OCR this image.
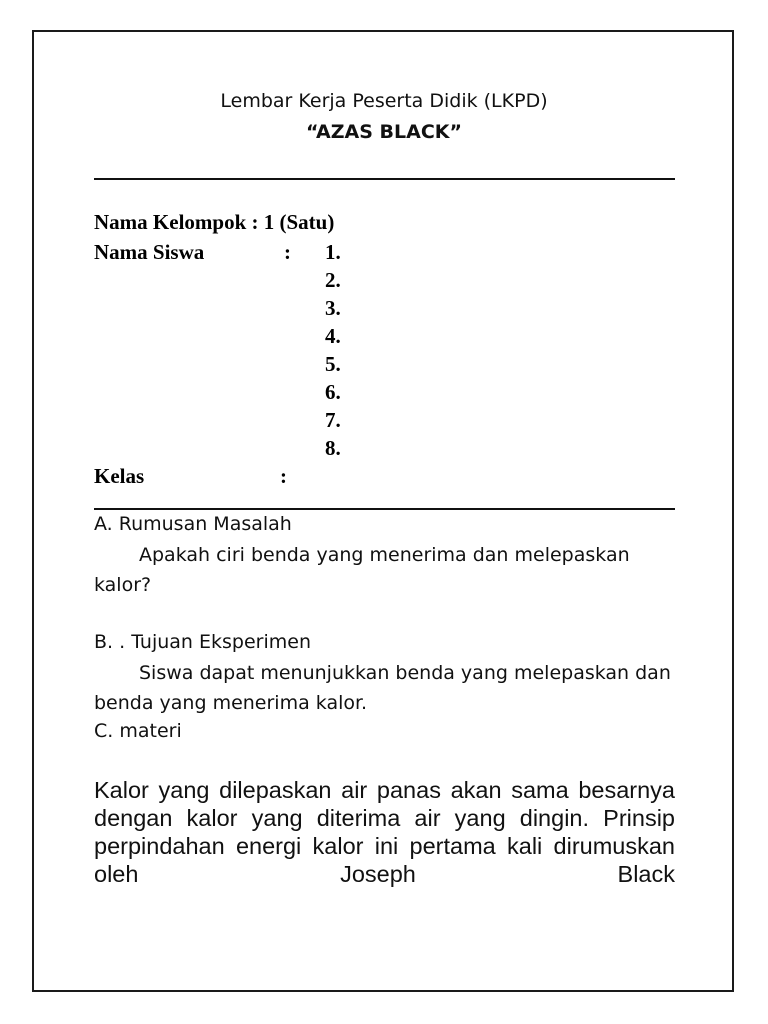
Lembar Kerja Peserta Didik (LKPD)
“AZAS BLACK”
Nama Kelompok : 1 (Satu)
Nama Siswa	: 1.
2.
3.
4.
5.
6.
7.
8.
Kelas	:
A. Rumusan Masalah
Apakah ciri benda yang menerima dan melepaskan kalor?
B. . Tujuan Eksperimen
Siswa dapat menunjukkan benda yang melepaskan dan benda yang menerima kalor.
C. materi
Kalor yang dilepaskan air panas akan sama besarnya dengan kalor yang diterima air yang dingin. Prinsip perpindahan energi kalor ini pertama kali dirumuskan oleh Joseph Black
